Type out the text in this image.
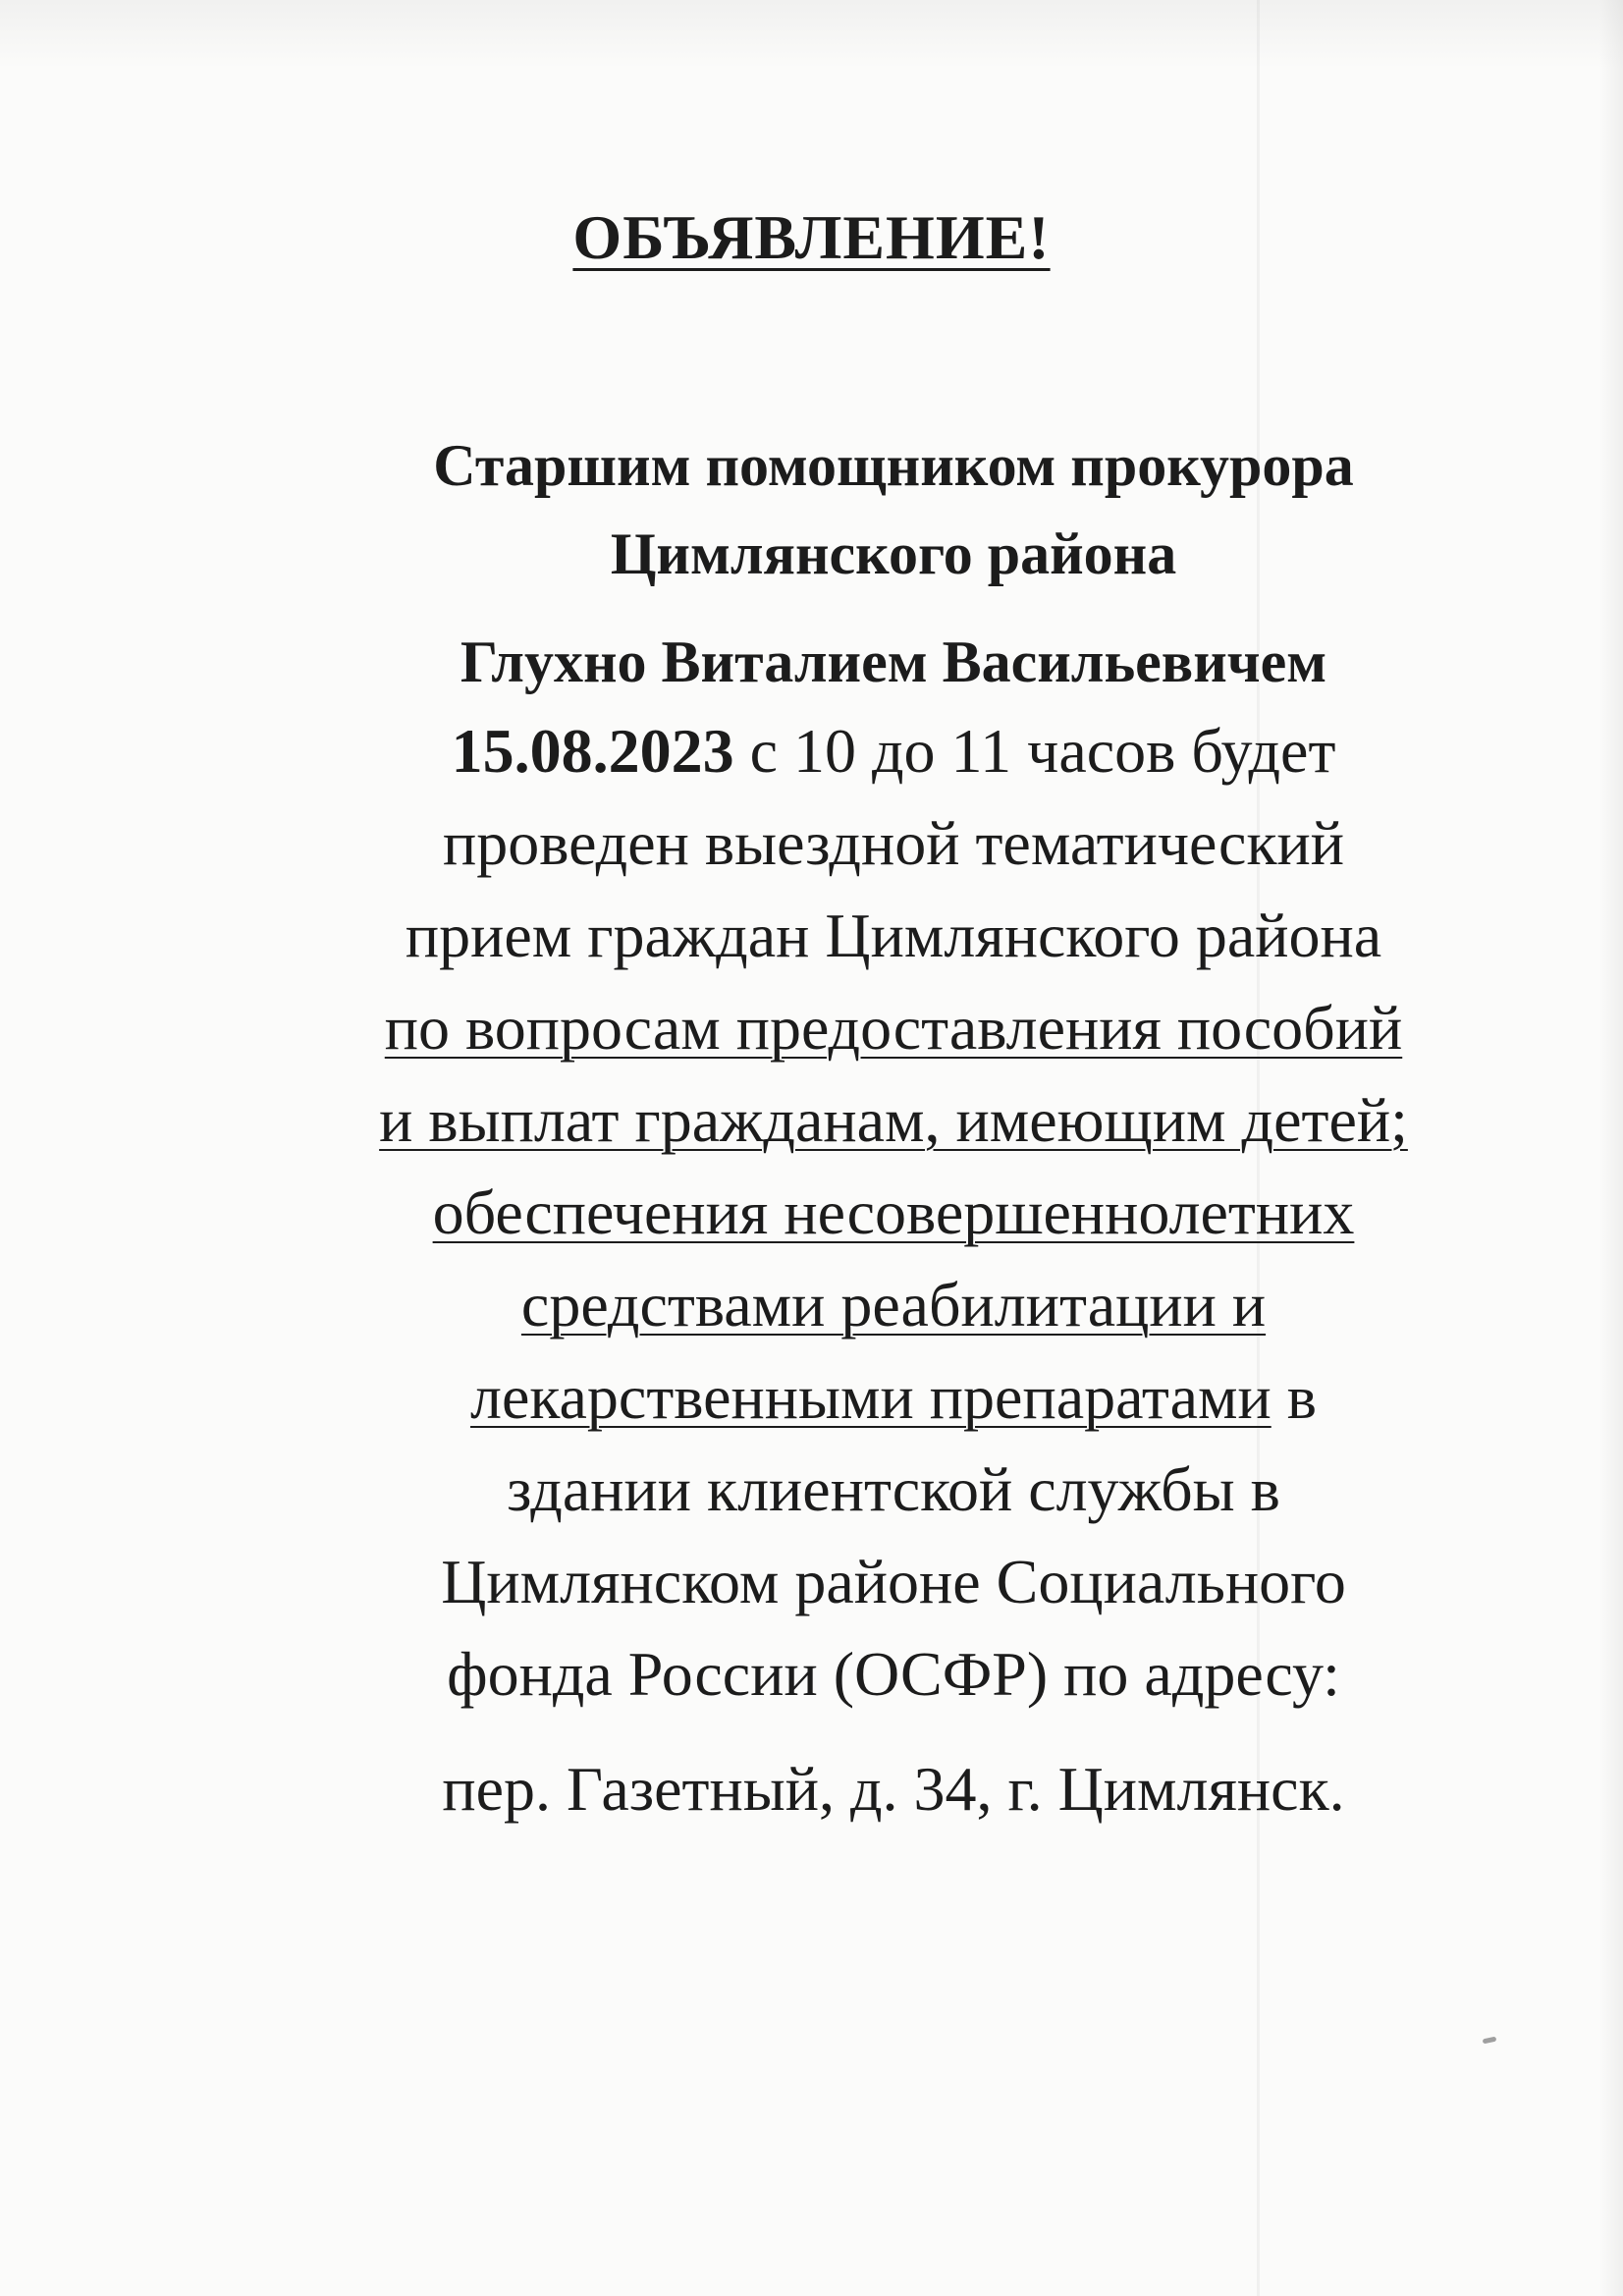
ОБЪЯВЛЕНИЕ!

Старшим помощником прокурора

Цимлянского района

Глухно Виталием Васильевичем

15.08.2023 с 10 до 11 часов будет

проведен выездной тематический

прием граждан Цимлянского района

по вопросам предоставления пособий

и выплат гражданам, имеющим детей;

обеспечения несовершеннолетних

средствами реабилитации и

лекарственными препаратами в

здании клиентской службы в

Цимлянском районе Социального

фонда России (ОСФР) по адресу:

пер. Газетный, д. 34, г. Цимлянск.
